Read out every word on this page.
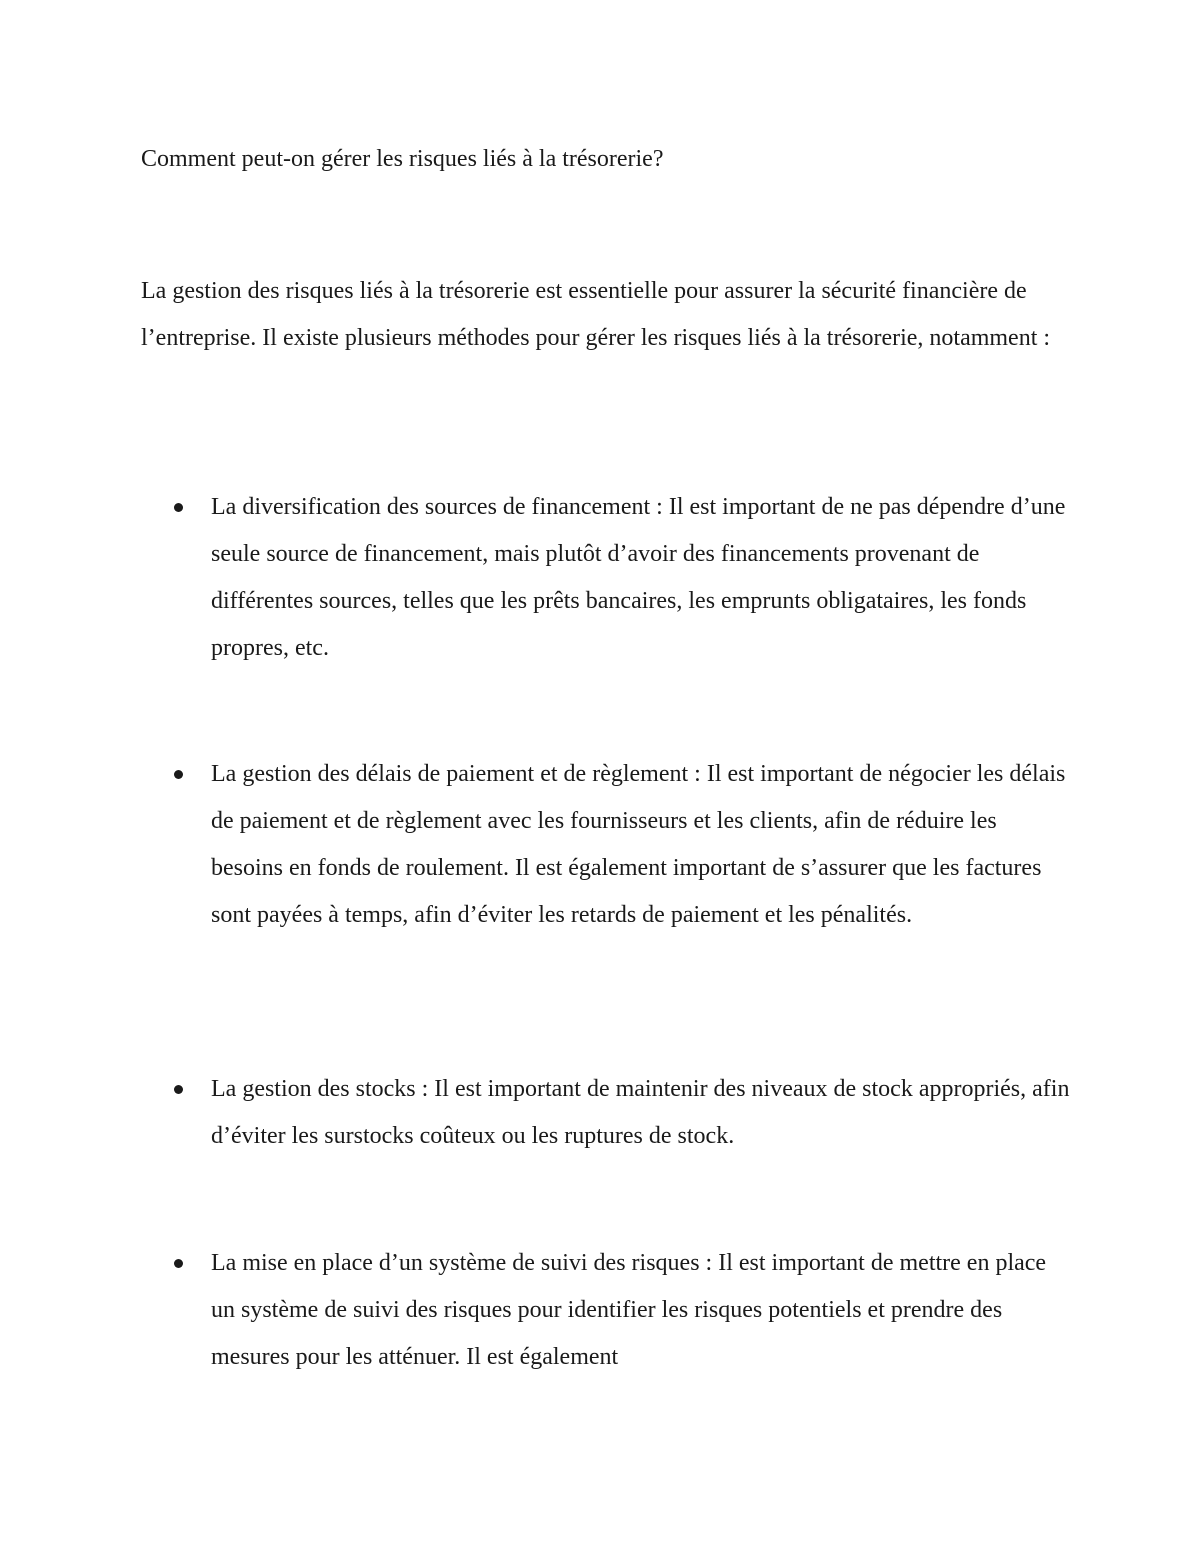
Comment peut-on gérer les risques liés à la trésorerie?

La gestion des risques liés à la trésorerie est essentielle pour assurer la sécurité financière de l’entreprise. Il existe plusieurs méthodes pour gérer les risques liés à la trésorerie, notamment :

La diversification des sources de financement : Il est important de ne pas dépendre d’une seule source de financement, mais plutôt d’avoir des financements provenant de différentes sources, telles que les prêts bancaires, les emprunts obligataires, les fonds propres, etc.
La gestion des délais de paiement et de règlement : Il est important de négocier les délais de paiement et de règlement avec les fournisseurs et les clients, afin de réduire les besoins en fonds de roulement. Il est également important de s’assurer que les factures sont payées à temps, afin d’éviter les retards de paiement et les pénalités.
La gestion des stocks : Il est important de maintenir des niveaux de stock appropriés, afin d’éviter les surstocks coûteux ou les ruptures de stock.
La mise en place d’un système de suivi des risques : Il est important de mettre en place un système de suivi des risques pour identifier les risques potentiels et prendre des mesures pour les atténuer. Il est également
